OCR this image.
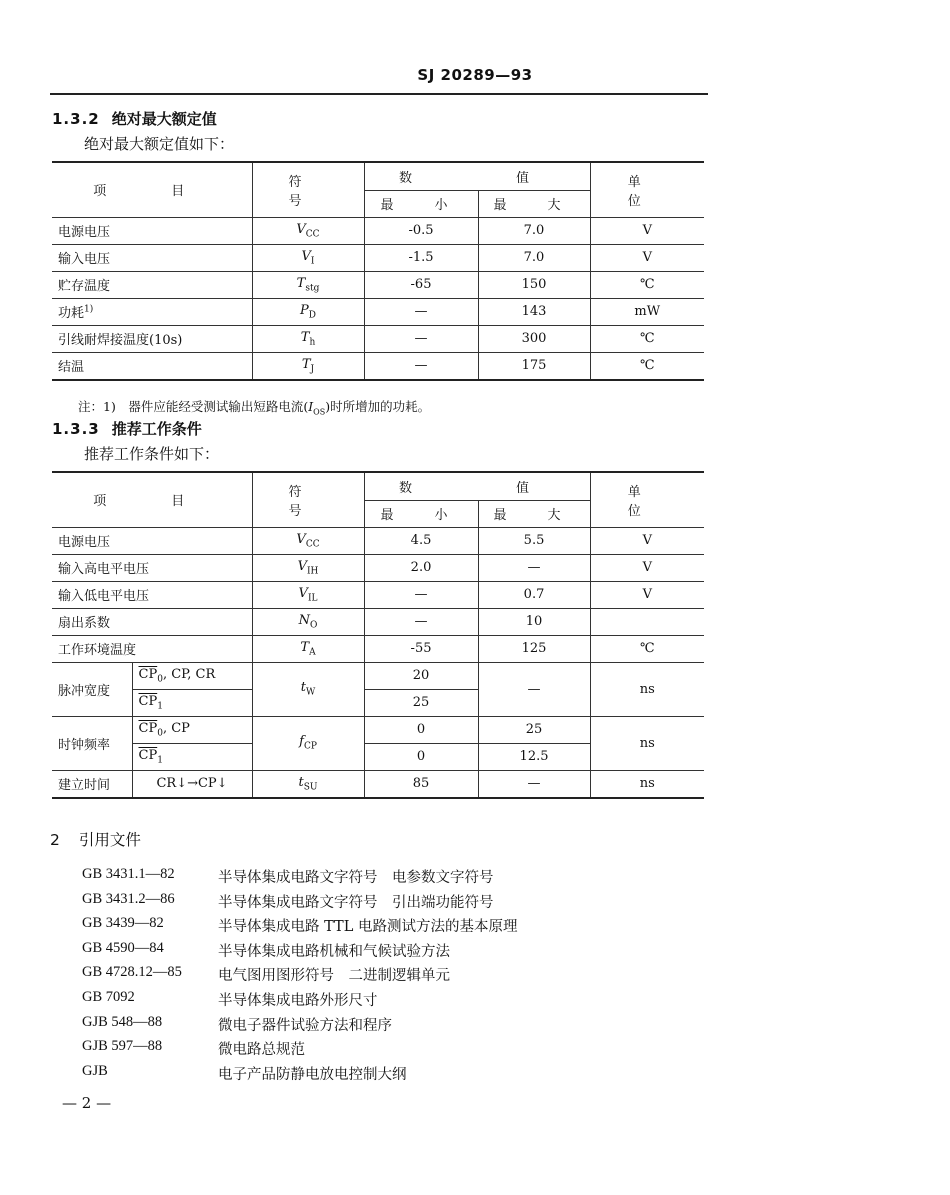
SJ 20289—93
1.3.2 绝对最大额定值
绝对最大额定值如下：
项　目	符　号	数　　值		单　位
		最　小	最　大	
电源电压	$V_{CC}$	-0.5	7.0	V
输入电压	$V_I$	-1.5	7.0	V
贮存温度	$T_{stg}$	-65	150	℃
功耗$^{1)}$	$P_D$	—	143	mW
引线耐焊接温度(10s)	$T_h$	—	300	℃
结温	$T_J$	—	175	℃
注：1)　器件应能经受测试输出短路电流$(I_{OS})$时所增加的功耗。
1.3.3 推荐工作条件
推荐工作条件如下：
项　目		符　号	数　　值		单　位
			最　小	最　大	
电源电压		$V_{CC}$	4.5	5.5	V
输入高电平电压		$V_{IH}$	2.0	—	V
输入低电平电压		$V_{IL}$	—	0.7	V
扇出系数		$N_O$	—	10	
工作环境温度		$T_A$	-55	125	℃
脉冲宽度	$\overline{CP}_0$, CP, CR	$t_W$	20	—	ns
	$\overline{CP}_1$		25		
时钟频率	$\overline{CP}_0$, CP	$f_{CP}$	0	25	ns
	$\overline{CP}_1$		0	12.5	
建立时间	CR↓→CP↓	$t_{SU}$	85	—	ns
2 引用文件
GB 3431.1—82	半导体集成电路文字符号　电参数文字符号
GB 3431.2—86	半导体集成电路文字符号　引出端功能符号
GB 3439—82	半导体集成电路 TTL 电路测试方法的基本原理
GB 4590—84	半导体集成电路机械和气候试验方法
GB 4728.12—85	电气图用图形符号　二进制逻辑单元
GB 7092	半导体集成电路外形尺寸
GJB 548—88	微电子器件试验方法和程序
GJB 597—88	微电路总规范
GJB	电子产品防静电放电控制大纲
— 2 —
